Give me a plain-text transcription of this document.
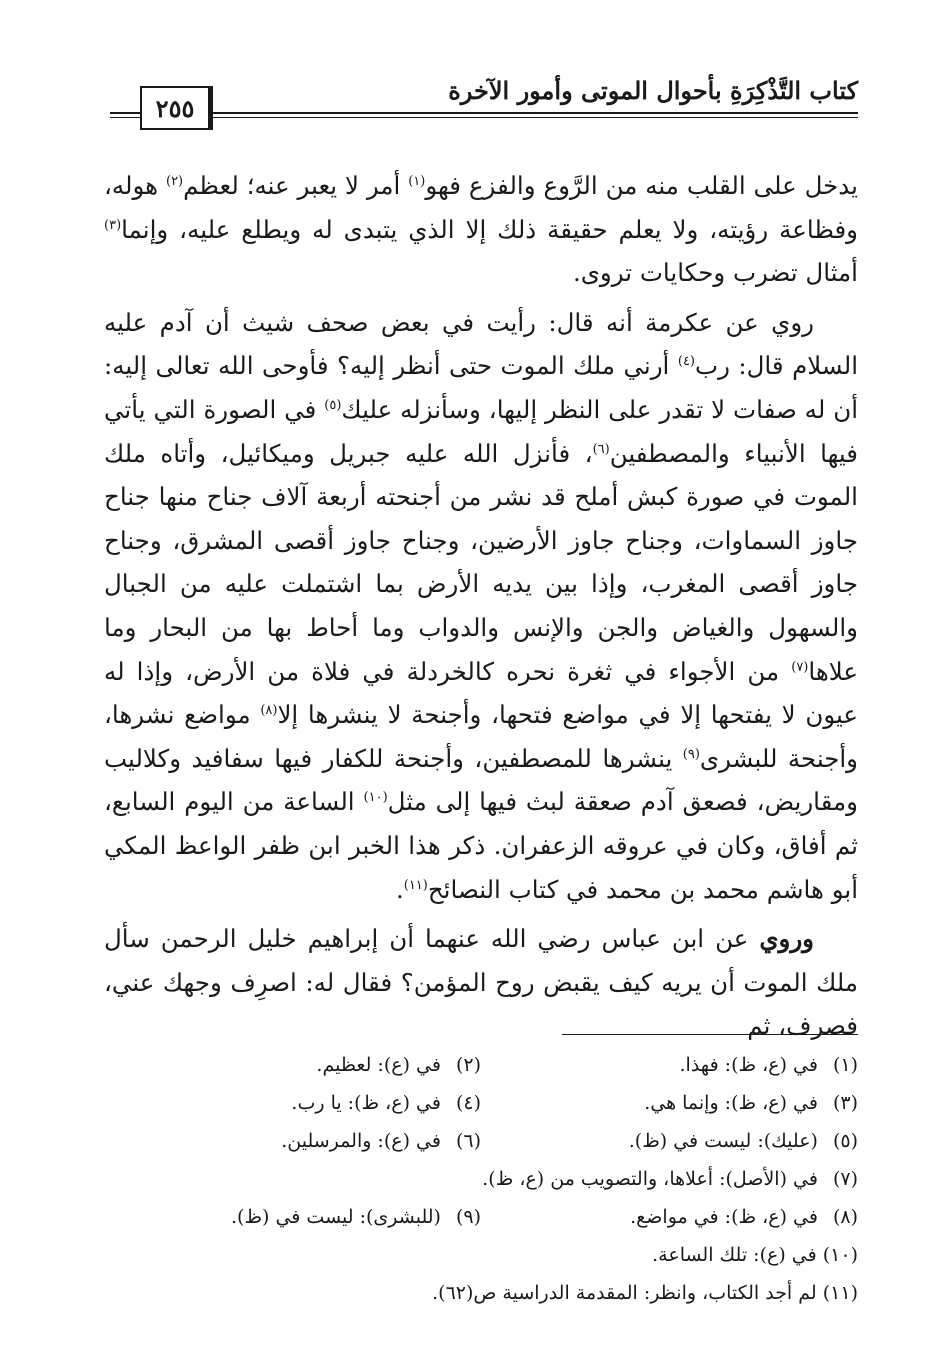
كتاب التَّذْكِرَةِ بأحوال الموتى وأمور الآخرة
٢٥٥

يدخل على القلب منه من الرَّوع والفزع فهو$^{(١)}$ أمر لا يعبر عنه؛ لعظم$^{(٢)}$ هوله، وفظاعة رؤيته، ولا يعلم حقيقة ذلك إلا الذي يتبدى له ويطلع عليه، وإنما$^{(٣)}$ أمثال تضرب وحكايات تروى.

روي عن عكرمة أنه قال: رأيت في بعض صحف شيث أن آدم عليه السلام قال: رب$^{(٤)}$ أرني ملك الموت حتى أنظر إليه؟ فأوحى الله تعالى إليه: أن له صفات لا تقدر على النظر إليها، وسأنزله عليك$^{(٥)}$ في الصورة التي يأتي فيها الأنبياء والمصطفين$^{(٦)}$، فأنزل الله عليه جبريل وميكائيل، وأتاه ملك الموت في صورة كبش أملح قد نشر من أجنحته أربعة آلاف جناح منها جناح جاوز السماوات، وجناح جاوز الأرضين، وجناح جاوز أقصى المشرق، وجناح جاوز أقصى المغرب، وإذا بين يديه الأرض بما اشتملت عليه من الجبال والسهول والغياض والجن والإنس والدواب وما أحاط بها من البحار وما علاها$^{(٧)}$ من الأجواء في ثغرة نحره كالخردلة في فلاة من الأرض، وإذا له عيون لا يفتحها إلا في مواضع فتحها، وأجنحة لا ينشرها إلا$^{(٨)}$ مواضع نشرها، وأجنحة للبشرى$^{(٩)}$ ينشرها للمصطفين، وأجنحة للكفار فيها سفافيد وكلاليب ومقاريض، فصعق آدم صعقة لبث فيها إلى مثل$^{(١٠)}$ الساعة من اليوم السابع، ثم أفاق، وكان في عروقه الزعفران. ذكر هذا الخبر ابن ظفر الواعظ المكي أبو هاشم محمد بن محمد في كتاب النصائح$^{(١١)}$.

وروي عن ابن عباس رضي الله عنهما أن إبراهيم خليل الرحمن سأل ملك الموت أن يريه كيف يقبض روح المؤمن؟ فقال له: اصرِف وجهك عني، فصرف، ثم

(١) في (ع، ظ): فهذا.
(٢) في (ع): لعظيم.
(٣) في (ع، ظ): وإنما هي.
(٤) في (ع، ظ): يا رب.
(٥) (عليك): ليست في (ظ).
(٦) في (ع): والمرسلين.
(٧) في (الأصل): أعلاها، والتصويب من (ع، ظ).
(٨) في (ع، ظ): في مواضع.
(٩) (للبشرى): ليست في (ظ).
(١٠) في (ع): تلك الساعة.
(١١) لم أجد الكتاب، وانظر: المقدمة الدراسية ص(٦٢).
